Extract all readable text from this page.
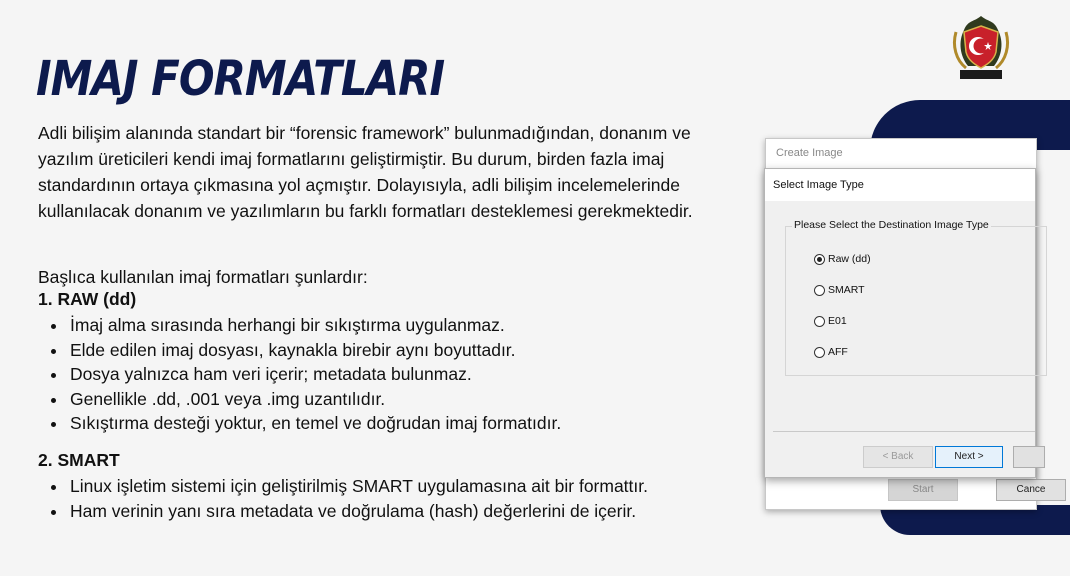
IMAJ FORMATLARI

Adli bilişim alanında standart bir “forensic framework” bulunmadığından, donanım ve yazılım üreticileri kendi imaj formatlarını geliştirmiştir. Bu durum, birden fazla imaj standardının ortaya çıkmasına yol açmıştır. Dolayısıyla, adli bilişim incelemelerinde kullanılacak donanım ve yazılımların bu farklı formatları desteklemesi gerekmektedir.

Başlıca kullanılan imaj formatları şunlardır:

1. RAW (dd)

• İmaj alma sırasında herhangi bir sıkıştırma uygulanmaz.
• Elde edilen imaj dosyası, kaynakla birebir aynı boyuttadır.
• Dosya yalnızca ham veri içerir; metadata bulunmaz.
• Genellikle .dd, .001 veya .img uzantılıdır.
• Sıkıştırma desteği yoktur, en temel ve doğrudan imaj formatıdır.

2. SMART

• Linux işletim sistemi için geliştirilmiş SMART uygulamasına ait bir formattır.
• Ham verinin yanı sıra metadata ve doğrulama (hash) değerlerini de içerir.
Create Image
Start	Cance
Select Image Type
Please Select the Destination Image Type
Raw (dd)
SMART
E01
AFF
< Back	Next >
